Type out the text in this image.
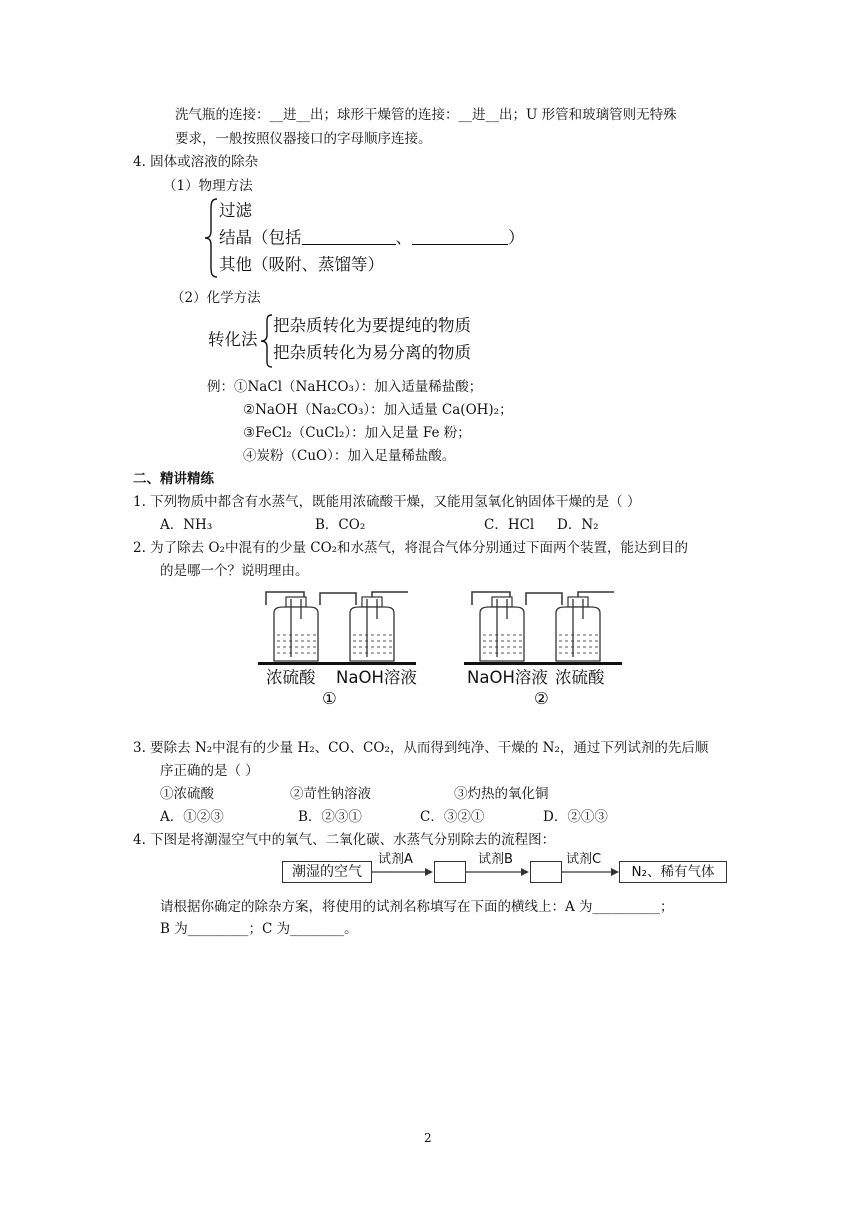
洗气瓶的连接：__进__出；球形干燥管的连接：__进__出；U 形管和玻璃管则无特殊
要求，一般按照仪器接口的字母顺序连接。
4. 固体或溶液的除杂
（1）物理方法
过滤
结晶（包括	、	）
其他（吸附、蒸馏等）
（2）化学方法
转化法
把杂质转化为要提纯的物质
把杂质转化为易分离的物质
例：①NaCl（NaHCO₃）：加入适量稀盐酸；
②NaOH（Na₂CO₃）：加入适量 Ca(OH)₂；
③FeCl₂（CuCl₂）：加入足量 Fe 粉；
④炭粉（CuO）：加入足量稀盐酸。
二、精讲精练
1. 下列物质中都含有水蒸气，既能用浓硫酸干燥，又能用氢氧化钠固体干燥的是（ ）
A．NH₃	B．CO₂	C．HCl D．N₂
2. 为了除去 O₂中混有的少量 CO₂和水蒸气，将混合气体分别通过下面两个装置，能达到目的
的是哪一个？说明理由。
浓硫酸 NaOH溶液
①
NaOH溶液 浓硫酸
②
3. 要除去 N₂中混有的少量 H₂、CO、CO₂，从而得到纯净、干燥的 N₂，通过下列试剂的先后顺
序正确的是（ ）
①浓硫酸	②苛性钠溶液	③灼热的氧化铜
A．①②③	B．②③①	C．③②①	D．②①③
4. 下图是将潮湿空气中的氧气、二氧化碳、水蒸气分别除去的流程图：
潮湿的空气
试剂A	试剂B	试剂C
N₂、稀有气体
请根据你确定的除杂方案，将使用的试剂名称填写在下面的横线上：A 为__________；
B 为_________；C 为________。
2
